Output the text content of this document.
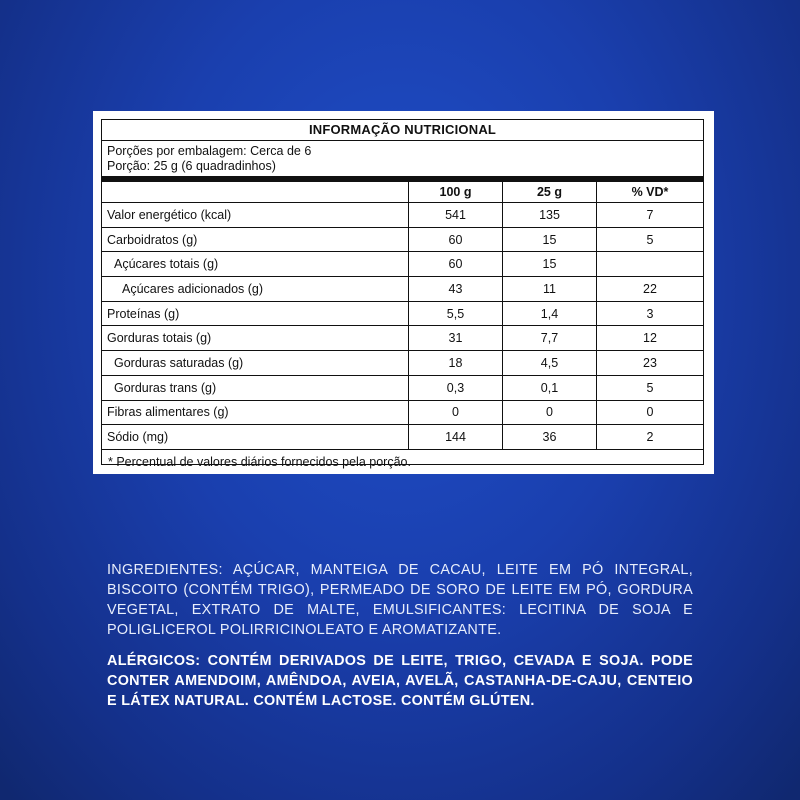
INFORMAÇÃO NUTRICIONAL
Porções por embalagem: Cerca de 6
Porção: 25 g (6 quadradinhos)
100 g	25 g	% VD*
Valor energético (kcal)	541	135	7
Carboidratos (g)	60	15	5
Açúcares totais (g)	60	15
Açúcares adicionados (g)	43	11	22
Proteínas (g)	5,5	1,4	3
Gorduras totais (g)	31	7,7	12
Gorduras saturadas (g)	18	4,5	23
Gorduras trans (g)	0,3	0,1	5
Fibras alimentares (g)	0	0	0
Sódio (mg)	144	36	2
* Percentual de valores diários fornecidos pela porção.
INGREDIENTES: AÇÚCAR, MANTEIGA DE CACAU, LEITE EM PÓ INTEGRAL, BISCOITO (CONTÉM TRIGO), PERMEADO DE SORO DE LEITE EM PÓ, GORDURA VEGETAL, EXTRATO DE MALTE, EMULSIFICANTES: LECITINA DE SOJA E POLIGLICEROL POLIRRICINOLEATO E AROMATIZANTE.
ALÉRGICOS: CONTÉM DERIVADOS DE LEITE, TRIGO, CEVADA E SOJA. PODE CONTER AMENDOIM, AMÊNDOA, AVEIA, AVELÃ, CASTANHA-DE-CAJU, CENTEIO E LÁTEX NATURAL. CONTÉM LACTOSE. CONTÉM GLÚTEN.
